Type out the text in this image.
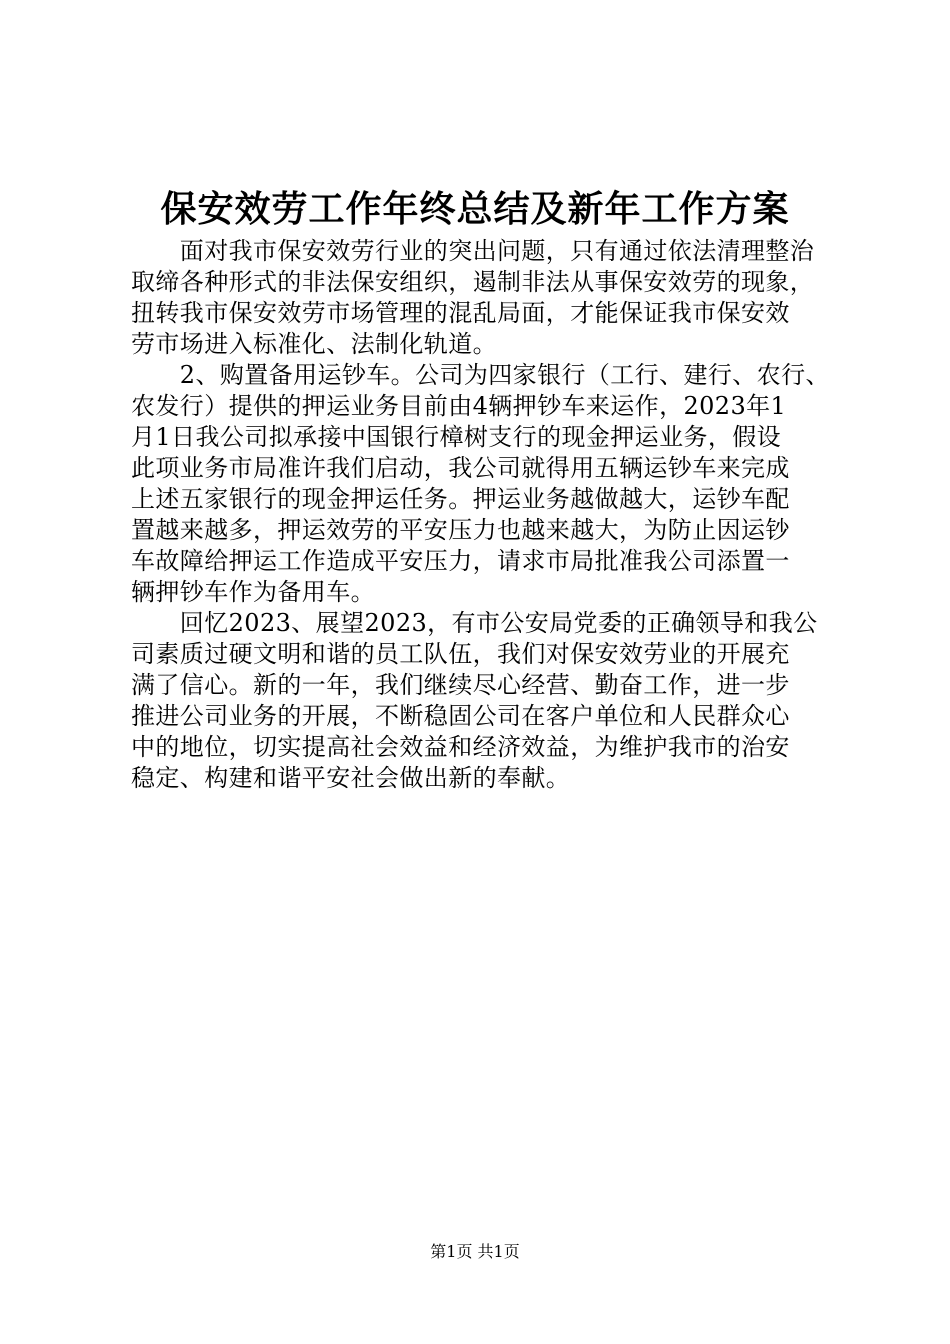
保安效劳工作年终总结及新年工作方案
　　面对我市保安效劳行业的突出问题，只有通过依法清理整治
取缔各种形式的非法保安组织，遏制非法从事保安效劳的现象，
扭转我市保安效劳市场管理的混乱局面，才能保证我市保安效
劳市场进入标准化、法制化轨道。
　　2、购置备用运钞车。公司为四家银行（工行、建行、农行、
农发行）提供的押运业务目前由4辆押钞车来运作，2023年1
月1日我公司拟承接中国银行樟树支行的现金押运业务，假设
此项业务市局准许我们启动，我公司就得用五辆运钞车来完成
上述五家银行的现金押运任务。押运业务越做越大，运钞车配
置越来越多，押运效劳的平安压力也越来越大，为防止因运钞
车故障给押运工作造成平安压力，请求市局批准我公司添置一
辆押钞车作为备用车。
　　回忆2023、展望2023，有市公安局党委的正确领导和我公
司素质过硬文明和谐的员工队伍，我们对保安效劳业的开展充
满了信心。新的一年，我们继续尽心经营、勤奋工作，进一步
推进公司业务的开展，不断稳固公司在客户单位和人民群众心
中的地位，切实提高社会效益和经济效益，为维护我市的治安
稳定、构建和谐平安社会做出新的奉献。
第1页 共1页
